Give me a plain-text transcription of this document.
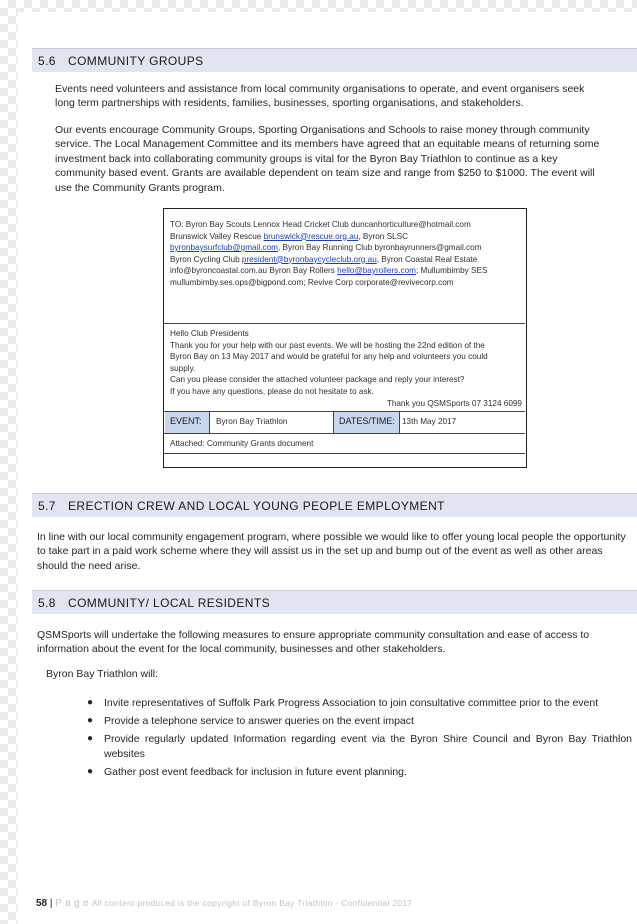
5.6 COMMUNITY GROUPS
Events need volunteers and assistance from local community organisations to operate, and event organisers seek long term partnerships with residents, families, businesses, sporting organisations, and stakeholders.
Our events encourage Community Groups, Sporting Organisations and Schools to raise money through community service. The Local Management Committee and its members have agreed that an equitable means of returning some investment back into collaborating community groups is vital for the Byron Bay Triathlon to continue as a key community based event. Grants are available dependent on team size and range from $250 to $1000. The event will use the Community Grants program.
TO: Byron Bay Scouts Lennox Head Cricket Club duncanhorticulture@hotmail.com
Brunswick Valley Rescue brunswick@rescue.org.au, Byron SLSC
byronbaysurfclub@gmail.com, Byron Bay Running Club byronbayrunners@gmail.com
Byron Cycling Club president@byronbaycycleclub.org.au, Byron Coastal Real Estate
info@byroncoastal.com.au Byron Bay Rollers hello@bayrollers.com; Mullumbimby SES
mullumbimby.ses.ops@bigpond.com; Revive Corp corporate@revivecorp.com
Hello Club Presidents
Thank you for your help with our past events. We will be hosting the 22nd edition of the
Byron Bay on 13 May 2017 and would be grateful for any help and volunteers you could
supply.
Can you please consider the attached volunteer package and reply your interest?
If you have any questions, please do not hesitate to ask.
Thank you QSMSports 07 3124 6099
EVENT:	Byron Bay Triathlon	DATES/TIME: 13th May 2017
Attached: Community Grants document
5.7 ERECTION CREW AND LOCAL YOUNG PEOPLE EMPLOYMENT
In line with our local community engagement program, where possible we would like to offer young local people the opportunity to take part in a paid work scheme where they will assist us in the set up and bump out of the event as well as other areas should the need arise.
5.8 COMMUNITY/ LOCAL RESIDENTS
QSMSports will undertake the following measures to ensure appropriate community consultation and ease of access to information about the event for the local community, businesses and other stakeholders.
Byron Bay Triathlon will:
● Invite representatives of Suffolk Park Progress Association to join consultative committee prior to the event
● Provide a telephone service to answer queries on the event impact
● Provide regularly updated Information regarding event via the Byron Shire Council and Byron Bay Triathlon websites
● Gather post event feedback for inclusion in future event planning.
58 | P a g e All content produced is the copyright of Byron Bay Triathlon - Confidential 2017
